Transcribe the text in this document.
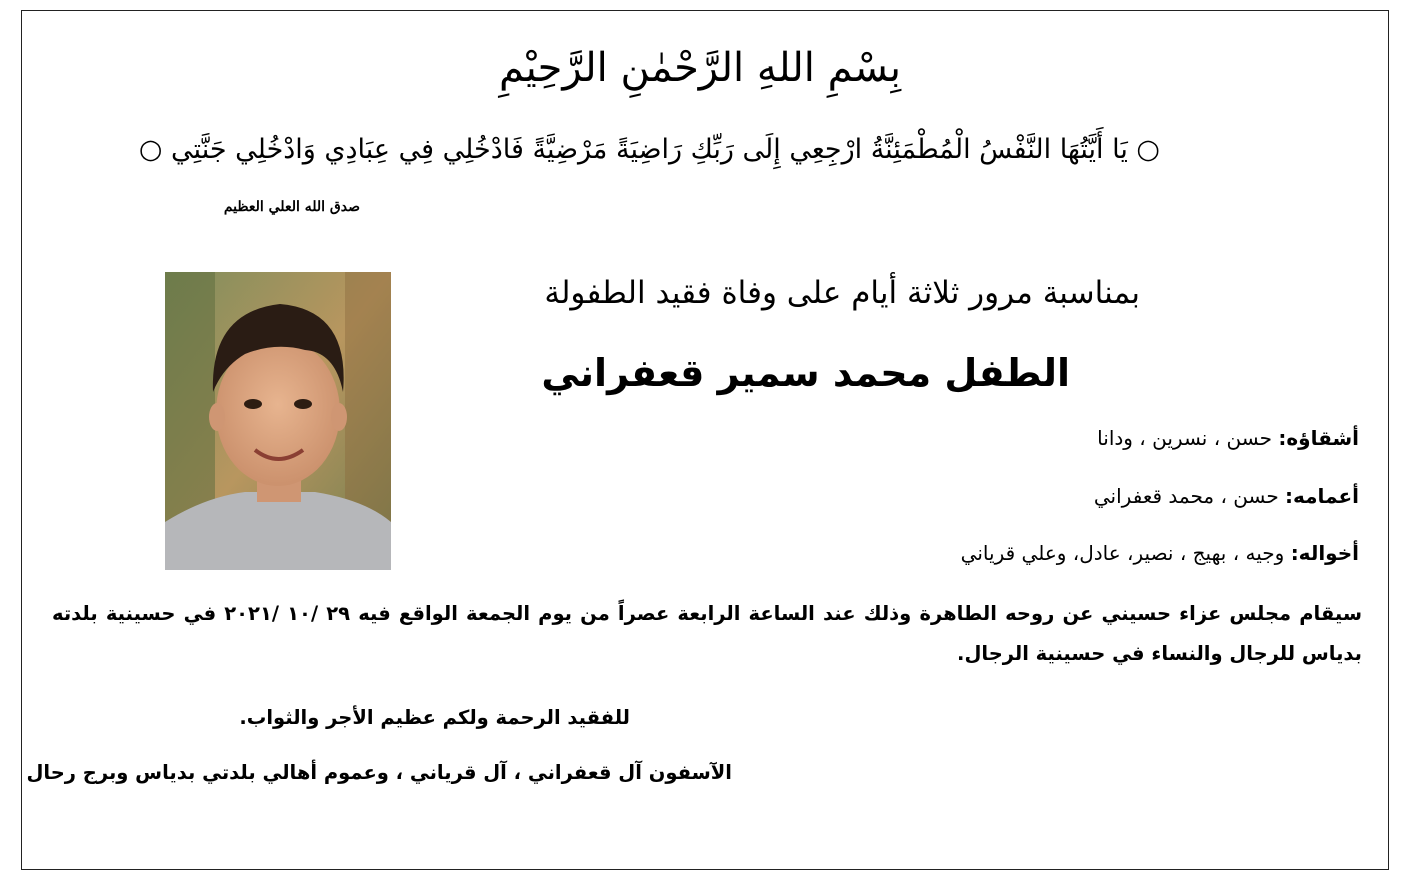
بِسْمِ اللهِ الرَّحْمٰنِ الرَّحِيْمِ
○ يَا أَيَّتُهَا النَّفْسُ الْمُطْمَئِنَّةُ ارْجِعِي إِلَى رَبِّكِ رَاضِيَةً مَرْضِيَّةً فَادْخُلِي فِي عِبَادِي وَادْخُلِي جَنَّتِي ○
صدق الله العلي العظيم
بمناسبة مرور ثلاثة أيام على وفاة فقيد الطفولة
الطفل محمد سمير قعفراني
أشقاؤه: حسن ، نسرين ، ودانا
أعمامه: حسن ، محمد قعفراني
أخواله: وجيه ، بهيج ، نصير، عادل، وعلي قرياني
سيقام مجلس عزاء حسيني عن روحه الطاهرة وذلك عند الساعة الرابعة عصراً من يوم الجمعة الواقع فيه ٢٩ /١٠ /٢٠٢١ في حسينية بلدته بدياس للرجال والنساء في حسينية الرجال.
للفقيد الرحمة ولكم عظيم الأجر والثواب.
الآسفون آل قعفراني ، آل قرياني ، وعموم أهالي بلدتي بدياس وبرج رحال
